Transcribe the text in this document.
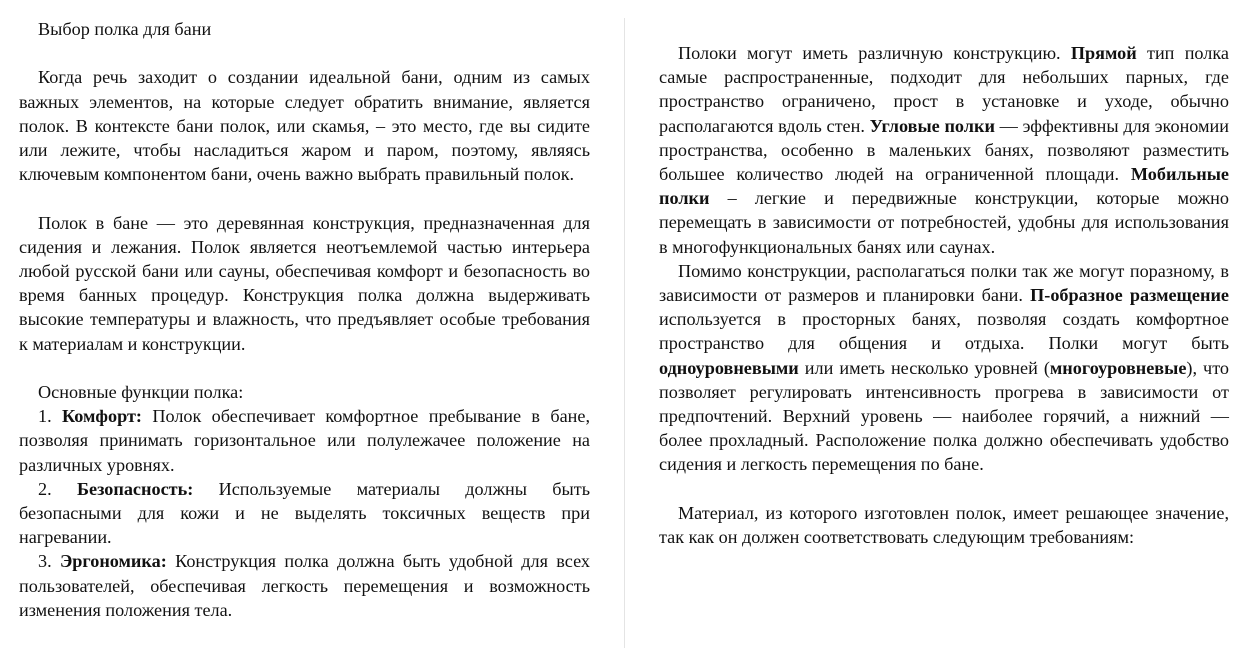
Выбор полка для бани

Когда речь заходит о создании идеальной бани, одним из самых важных элементов, на которые следует обратить внимание, является полок. В контексте бани полок, или скамья, – это место, где вы сидите или лежите, чтобы насладиться жаром и паром, поэтому, являясь ключевым компонентом бани, очень важно выбрать правильный полок.

Полок в бане — это деревянная конструкция, предназначенная для сидения и лежания. Полок является неотъемлемой частью интерьера любой русской бани или сауны, обеспечивая комфорт и безопасность во время банных процедур. Конструкция полка должна выдерживать высокие температуры и влажность, что предъявляет особые требования к материалам и конструкции.

Основные функции полка:

1. Комфорт: Полок обеспечивает комфортное пребывание в бане, позволяя принимать горизонтальное или полулежачее положение на различных уровнях.

2. Безопасность: Используемые материалы должны быть безопасными для кожи и не выделять токсичных веществ при нагревании.

3. Эргономика: Конструкция полка должна быть удобной для всех пользователей, обеспечивая легкость перемещения и возможность изменения положения тела.

Полоки могут иметь различную конструкцию. Прямой тип полка самые распространенные, подходит для небольших парных, где пространство ограничено, прост в установке и уходе, обычно располагаются вдоль стен. Угловые полки — эффективны для экономии пространства, особенно в маленьких банях, позволяют разместить большее количество людей на ограниченной площади. Мобильные полки – легкие и передвижные конструкции, которые можно перемещать в зависимости от потребностей, удобны для использования в многофункциональных банях или саунах.

Помимо конструкции, располагаться полки так же могут поразному, в зависимости от размеров и планировки бани. П-образное размещение используется в просторных банях, позволяя создать комфортное пространство для общения и отдыха. Полки могут быть одноуровневыми или иметь несколько уровней (многоуровневые), что позволяет регулировать интенсивность прогрева в зависимости от предпочтений. Верхний уровень — наиболее горячий, а нижний — более прохладный. Расположение полка должно обеспечивать удобство сидения и легкость перемещения по бане.

Материал, из которого изготовлен полок, имеет решающее значение, так как он должен соответствовать следующим требованиям:
